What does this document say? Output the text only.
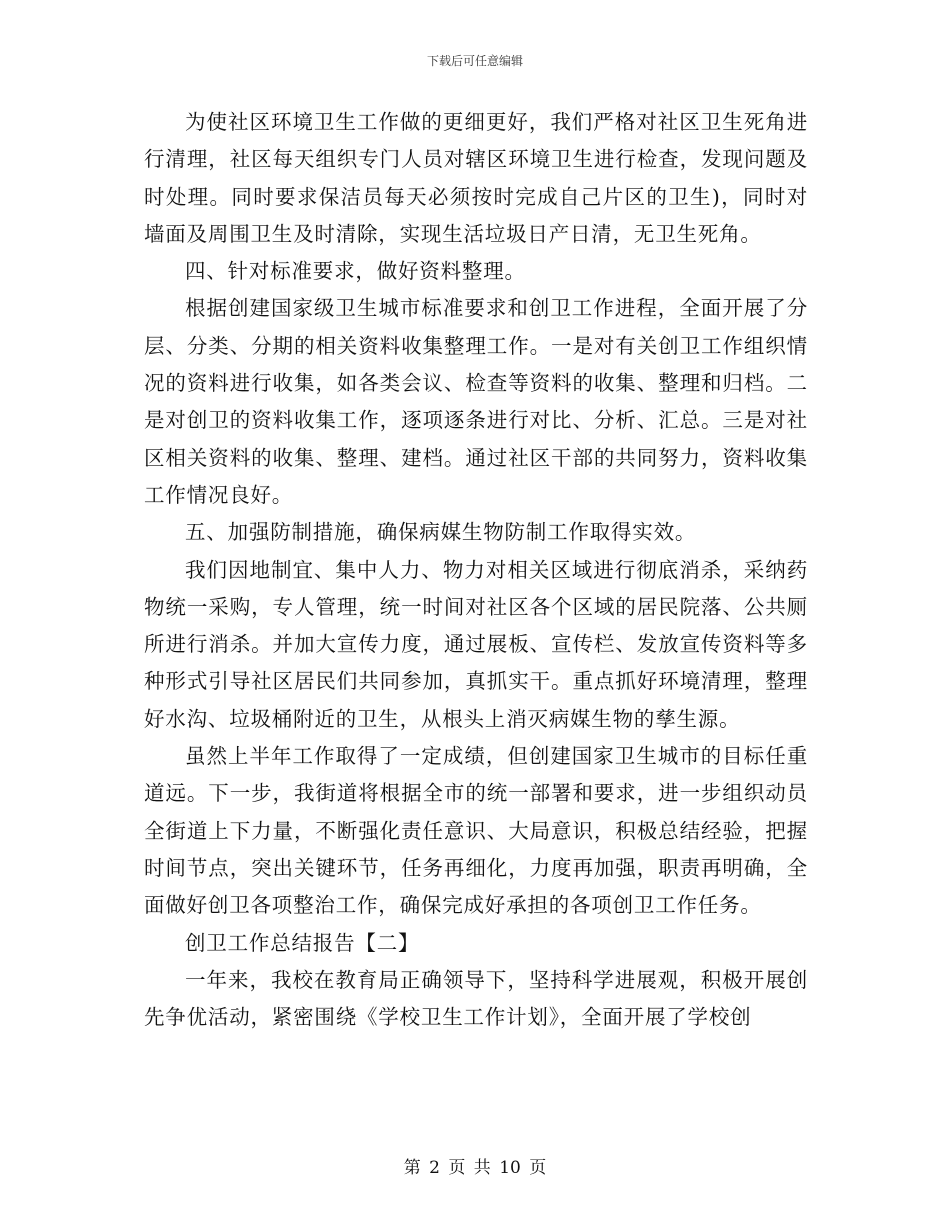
下载后可任意编辑

为使社区环境卫生工作做的更细更好，我们严格对社区卫生死角进行清理，社区每天组织专门人员对辖区环境卫生进行检查，发现问题及时处理。同时要求保洁员每天必须按时完成自己片区的卫生)，同时对墙面及周围卫生及时清除，实现生活垃圾日产日清，无卫生死角。

四、针对标准要求，做好资料整理。

根据创建国家级卫生城市标准要求和创卫工作进程，全面开展了分层、分类、分期的相关资料收集整理工作。一是对有关创卫工作组织情况的资料进行收集，如各类会议、检查等资料的收集、整理和归档。二是对创卫的资料收集工作，逐项逐条进行对比、分析、汇总。三是对社区相关资料的收集、整理、建档。通过社区干部的共同努力，资料收集工作情况良好。

五、加强防制措施，确保病媒生物防制工作取得实效。

我们因地制宜、集中人力、物力对相关区域进行彻底消杀，采纳药物统一采购，专人管理，统一时间对社区各个区域的居民院落、公共厕所进行消杀。并加大宣传力度，通过展板、宣传栏、发放宣传资料等多种形式引导社区居民们共同参加，真抓实干。重点抓好环境清理，整理好水沟、垃圾桶附近的卫生，从根头上消灭病媒生物的孳生源。

虽然上半年工作取得了一定成绩，但创建国家卫生城市的目标任重道远。下一步，我街道将根据全市的统一部署和要求，进一步组织动员全街道上下力量，不断强化责任意识、大局意识，积极总结经验，把握时间节点，突出关键环节，任务再细化，力度再加强，职责再明确，全面做好创卫各项整治工作，确保完成好承担的各项创卫工作任务。

创卫工作总结报告【二】

一年来，我校在教育局正确领导下，坚持科学进展观，积极开展创先争优活动，紧密围绕《学校卫生工作计划》，全面开展了学校创

第 2 页 共 10 页
